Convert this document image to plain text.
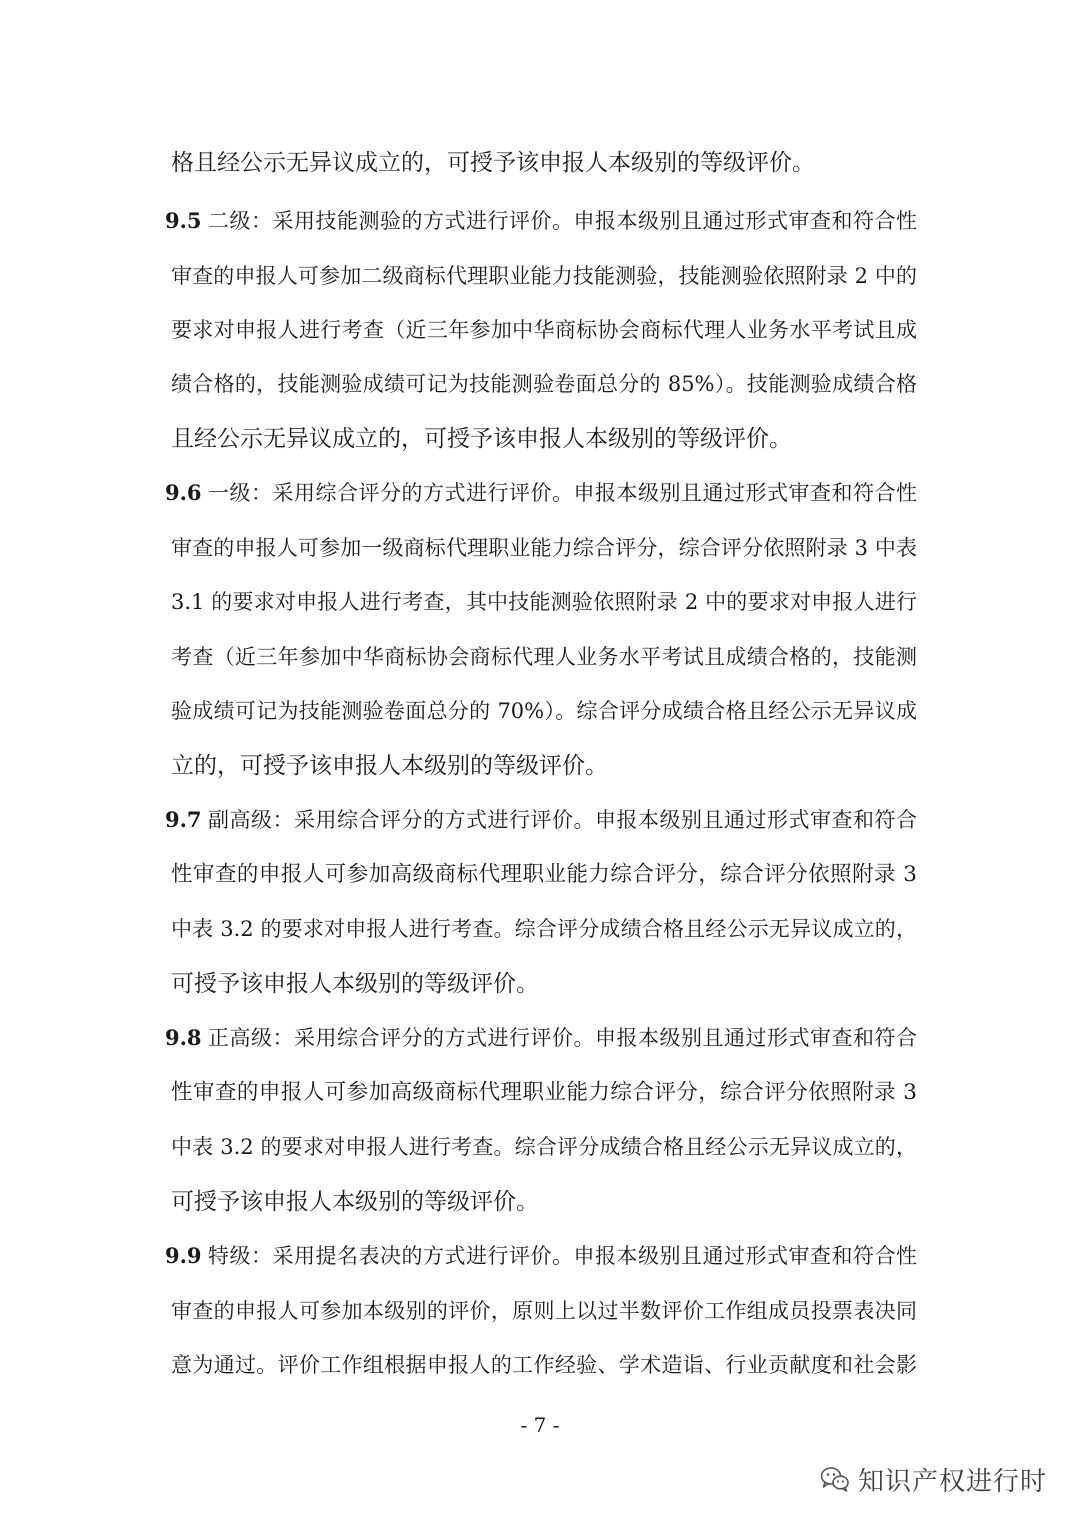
格且经公示无异议成立的，可授予该申报人本级别的等级评价。
9.5 二级：采用技能测验的方式进行评价。申报本级别且通过形式审查和符合性
审查的申报人可参加二级商标代理职业能力技能测验，技能测验依照附录 2 中的
要求对申报人进行考查（近三年参加中华商标协会商标代理人业务水平考试且成
绩合格的，技能测验成绩可记为技能测验卷面总分的 85%）。技能测验成绩合格
且经公示无异议成立的，可授予该申报人本级别的等级评价。
9.6 一级：采用综合评分的方式进行评价。申报本级别且通过形式审查和符合性
审查的申报人可参加一级商标代理职业能力综合评分，综合评分依照附录 3 中表
3.1 的要求对申报人进行考查，其中技能测验依照附录 2 中的要求对申报人进行
考查（近三年参加中华商标协会商标代理人业务水平考试且成绩合格的，技能测
验成绩可记为技能测验卷面总分的 70%）。综合评分成绩合格且经公示无异议成
立的，可授予该申报人本级别的等级评价。
9.7 副高级：采用综合评分的方式进行评价。申报本级别且通过形式审查和符合
性审查的申报人可参加高级商标代理职业能力综合评分，综合评分依照附录 3
中表 3.2 的要求对申报人进行考查。综合评分成绩合格且经公示无异议成立的，
可授予该申报人本级别的等级评价。
9.8 正高级：采用综合评分的方式进行评价。申报本级别且通过形式审查和符合
性审查的申报人可参加高级商标代理职业能力综合评分，综合评分依照附录 3
中表 3.2 的要求对申报人进行考查。综合评分成绩合格且经公示无异议成立的，
可授予该申报人本级别的等级评价。
9.9 特级：采用提名表决的方式进行评价。申报本级别且通过形式审查和符合性
审查的申报人可参加本级别的评价，原则上以过半数评价工作组成员投票表决同
意为通过。评价工作组根据申报人的工作经验、学术造诣、行业贡献度和社会影
- 7 -
知识产权进行时
